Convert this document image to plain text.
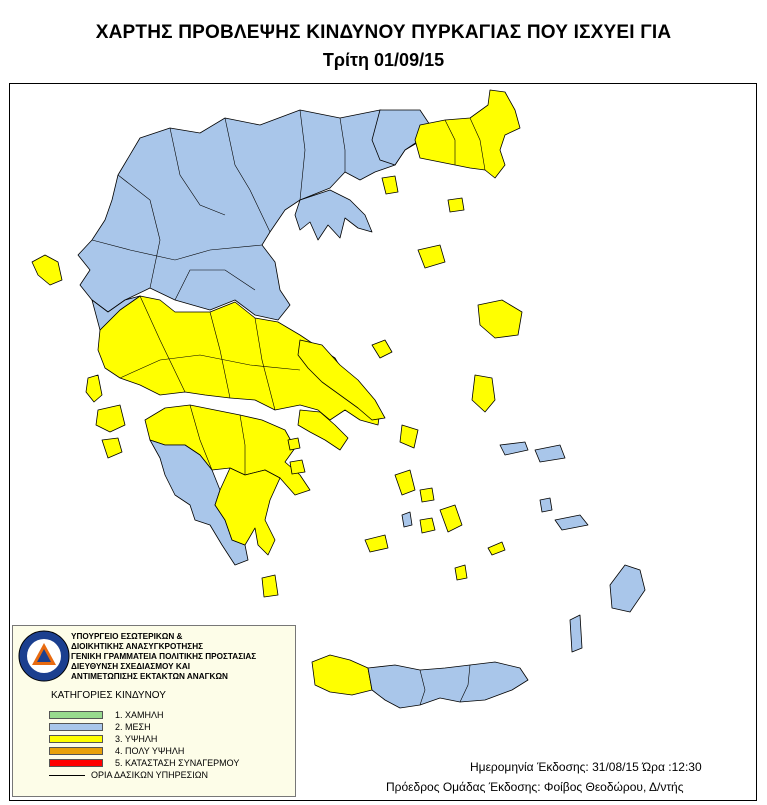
ΧΑΡΤΗΣ ΠΡΟΒΛΕΨΗΣ ΚΙΝΔΥΝΟΥ ΠΥΡΚΑΓΙΑΣ ΠΟΥ ΙΣΧΥΕΙ ΓΙΑ
Τρίτη 01/09/15
ΥΠΟΥΡΓΕΙΟ ΕΣΩΤΕΡΙΚΩΝ &
ΔΙΟΙΚΗΤΙΚΗΣ ΑΝΑΣΥΓΚΡΟΤΗΣΗΣ
ΓΕΝΙΚΗ ΓΡΑΜΜΑΤΕΙΑ ΠΟΛΙΤΙΚΗΣ ΠΡΟΣΤΑΣΙΑΣ
ΔΙΕΥΘΥΝΣΗ ΣΧΕΔΙΑΣΜΟΥ ΚΑΙ
ΑΝΤΙΜΕΤΩΠΙΣΗΣ ΕΚΤΑΚΤΩΝ ΑΝΑΓΚΩΝ
ΚΑΤΗΓΟΡΙΕΣ ΚΙΝΔΥΝΟΥ
1. ΧΑΜΗΛΗ
2. ΜΕΣΗ
3. ΥΨΗΛΗ
4. ΠΟΛΥ ΥΨΗΛΗ
5. ΚΑΤΑΣΤΑΣΗ ΣΥΝΑΓΕΡΜΟΥ
ΟΡΙΑ ΔΑΣΙΚΩΝ ΥΠΗΡΕΣΙΩΝ
Ημερομηνία Έκδοσης: 31/08/15 Ώρα :12:30
Πρόεδρος Ομάδας Έκδοσης: Φοίβος Θεοδώρου, Δ/ντής
